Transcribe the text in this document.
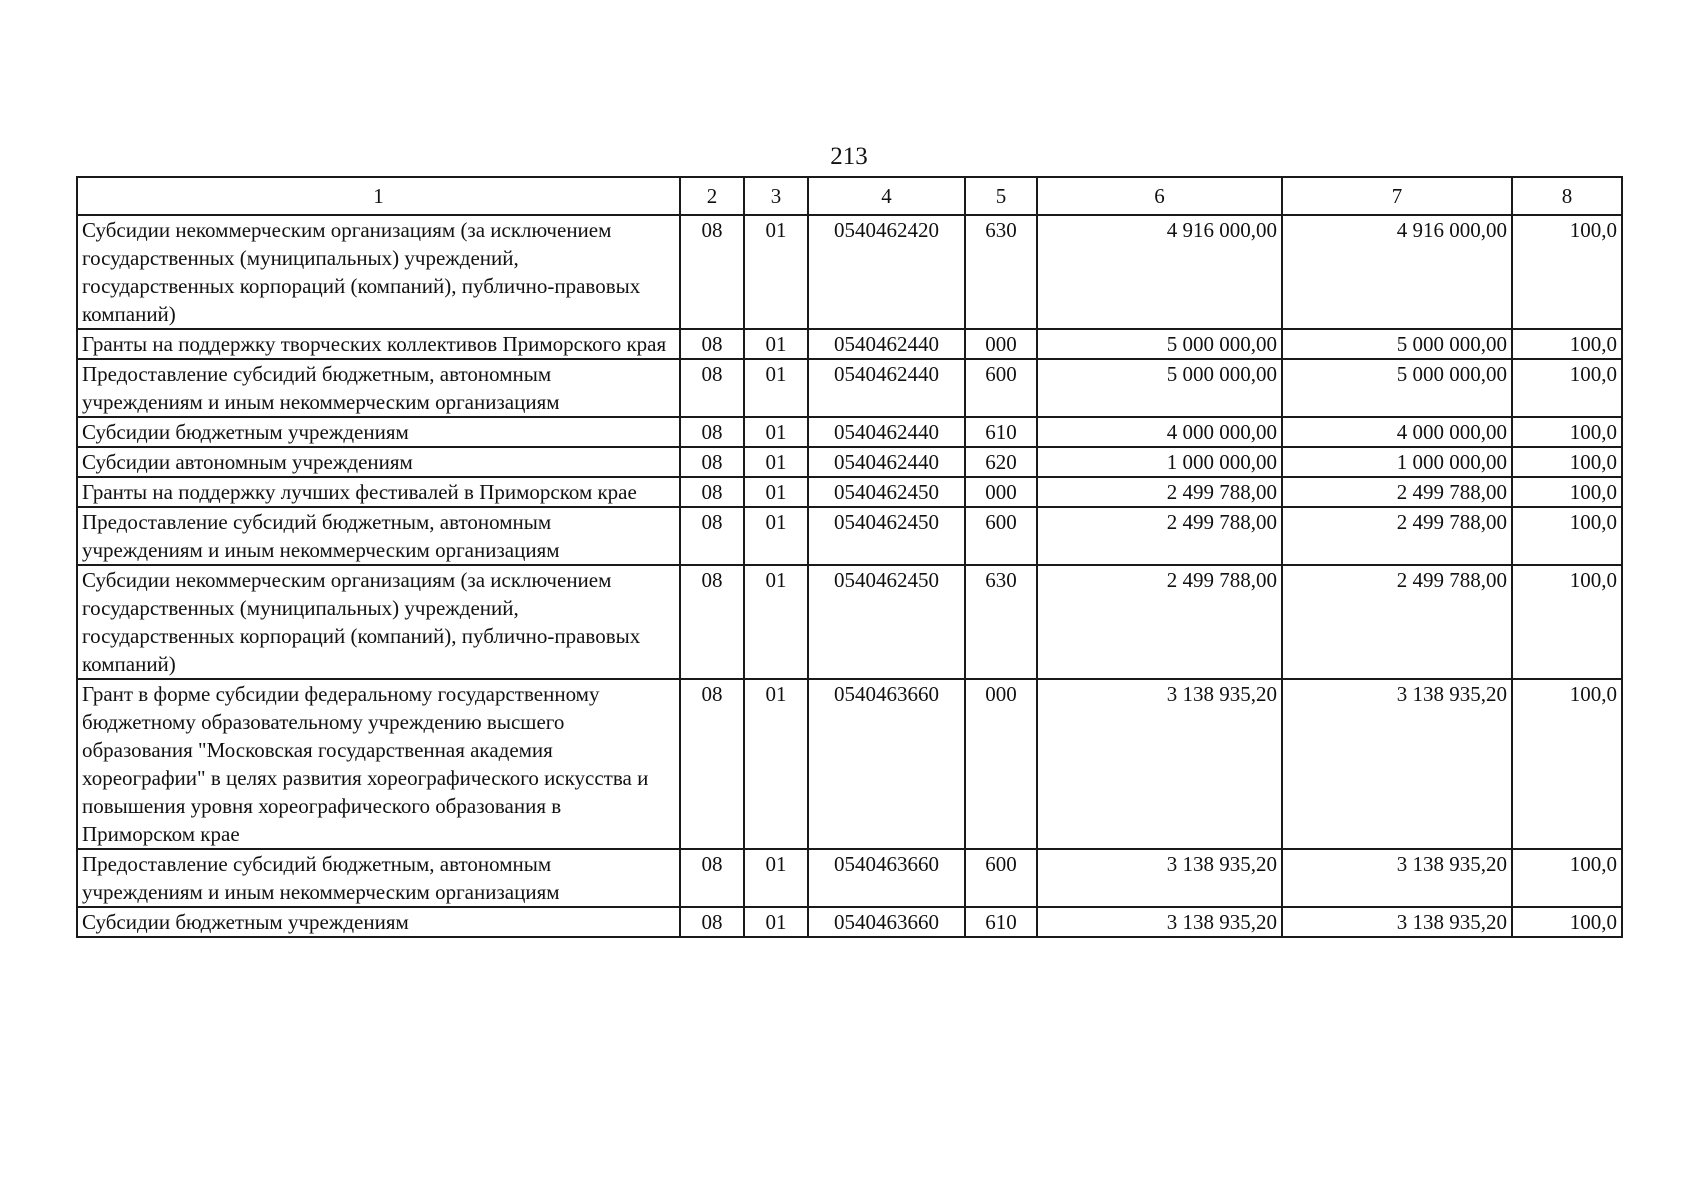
213
1	2	3	4	5	6	7	8
Субсидии некоммерческим организациям (за исключением государственных (муниципальных) учреждений, государственных корпораций (компаний), публично-правовых компаний)	08	01	0540462420	630	4 916 000,00	4 916 000,00	100,0
Гранты на поддержку творческих коллективов Приморского края	08	01	0540462440	000	5 000 000,00	5 000 000,00	100,0
Предоставление субсидий бюджетным, автономным учреждениям и иным некоммерческим организациям	08	01	0540462440	600	5 000 000,00	5 000 000,00	100,0
Субсидии бюджетным учреждениям	08	01	0540462440	610	4 000 000,00	4 000 000,00	100,0
Субсидии автономным учреждениям	08	01	0540462440	620	1 000 000,00	1 000 000,00	100,0
Гранты на поддержку лучших фестивалей в Приморском крае	08	01	0540462450	000	2 499 788,00	2 499 788,00	100,0
Предоставление субсидий бюджетным, автономным учреждениям и иным некоммерческим организациям	08	01	0540462450	600	2 499 788,00	2 499 788,00	100,0
Субсидии некоммерческим организациям (за исключением государственных (муниципальных) учреждений, государственных корпораций (компаний), публично-правовых компаний)	08	01	0540462450	630	2 499 788,00	2 499 788,00	100,0
Грант в форме субсидии федеральному государственному бюджетному образовательному учреждению высшего образования "Московская государственная академия хореографии" в целях развития хореографического искусства и повышения уровня хореографического образования в Приморском крае	08	01	0540463660	000	3 138 935,20	3 138 935,20	100,0
Предоставление субсидий бюджетным, автономным учреждениям и иным некоммерческим организациям	08	01	0540463660	600	3 138 935,20	3 138 935,20	100,0
Субсидии бюджетным учреждениям	08	01	0540463660	610	3 138 935,20	3 138 935,20	100,0
